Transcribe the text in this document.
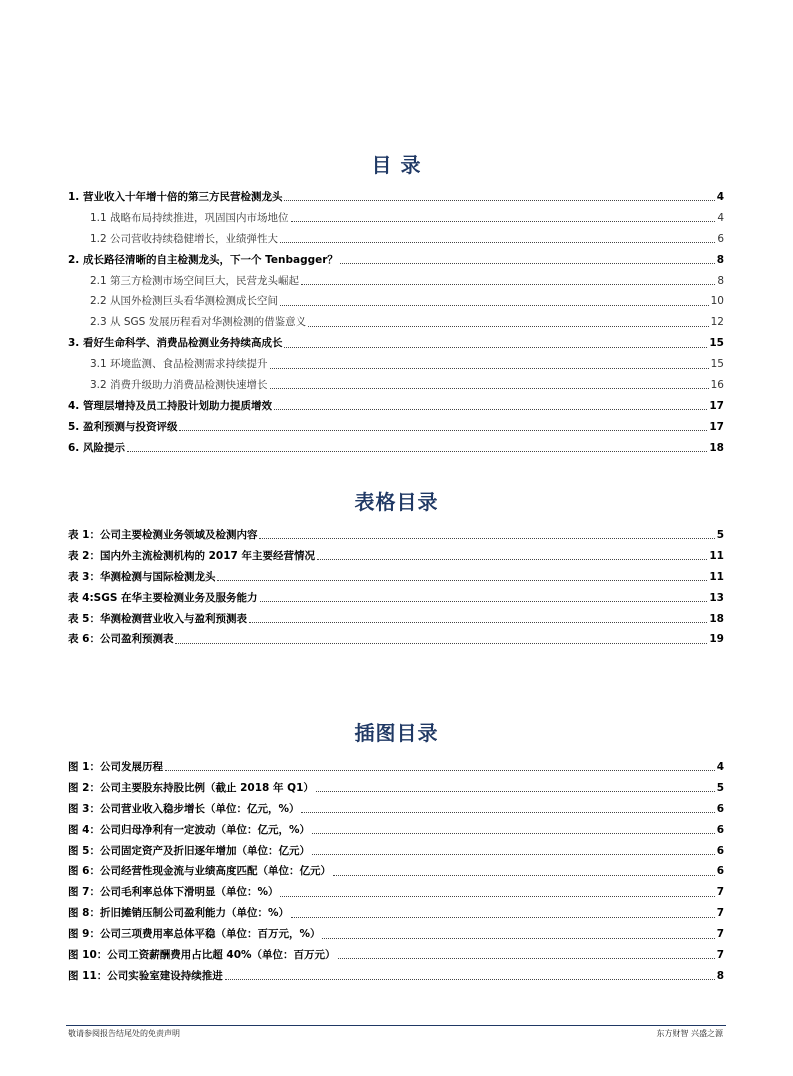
目 录
1. 营业收入十年增十倍的第三方民营检测龙头	4
1.1 战略布局持续推进，巩固国内市场地位	4
1.2 公司营收持续稳健增长，业绩弹性大	6
2. 成长路径清晰的自主检测龙头，下一个 Tenbagger？	8
2.1 第三方检测市场空间巨大，民营龙头崛起	8
2.2 从国外检测巨头看华测检测成长空间	10
2.3 从 SGS 发展历程看对华测检测的借鉴意义	12
3. 看好生命科学、消费品检测业务持续高成长	15
3.1 环境监测、食品检测需求持续提升	15
3.2 消费升级助力消费品检测快速增长	16
4. 管理层增持及员工持股计划助力提质增效	17
5. 盈利预测与投资评级	17
6. 风险提示	18
表格目录
表 1：公司主要检测业务领域及检测内容	5
表 2：国内外主流检测机构的 2017 年主要经营情况	11
表 3：华测检测与国际检测龙头	11
表 4:SGS 在华主要检测业务及服务能力	13
表 5：华测检测营业收入与盈利预测表	18
表 6：公司盈利预测表	19
插图目录
图 1：公司发展历程	4
图 2：公司主要股东持股比例（截止 2018 年 Q1）	5
图 3：公司营业收入稳步增长（单位：亿元，%）	6
图 4：公司归母净利有一定波动（单位：亿元，%）	6
图 5：公司固定资产及折旧逐年增加（单位：亿元）	6
图 6：公司经营性现金流与业绩高度匹配（单位：亿元）	6
图 7：公司毛利率总体下滑明显（单位：%）	7
图 8：折旧摊销压制公司盈利能力（单位：%）	7
图 9：公司三项费用率总体平稳（单位：百万元，%）	7
图 10：公司工资薪酬费用占比超 40%（单位：百万元）	7
图 11：公司实验室建设持续推进	8
敬请参阅报告结尾处的免责声明	东方财智 兴盛之源
